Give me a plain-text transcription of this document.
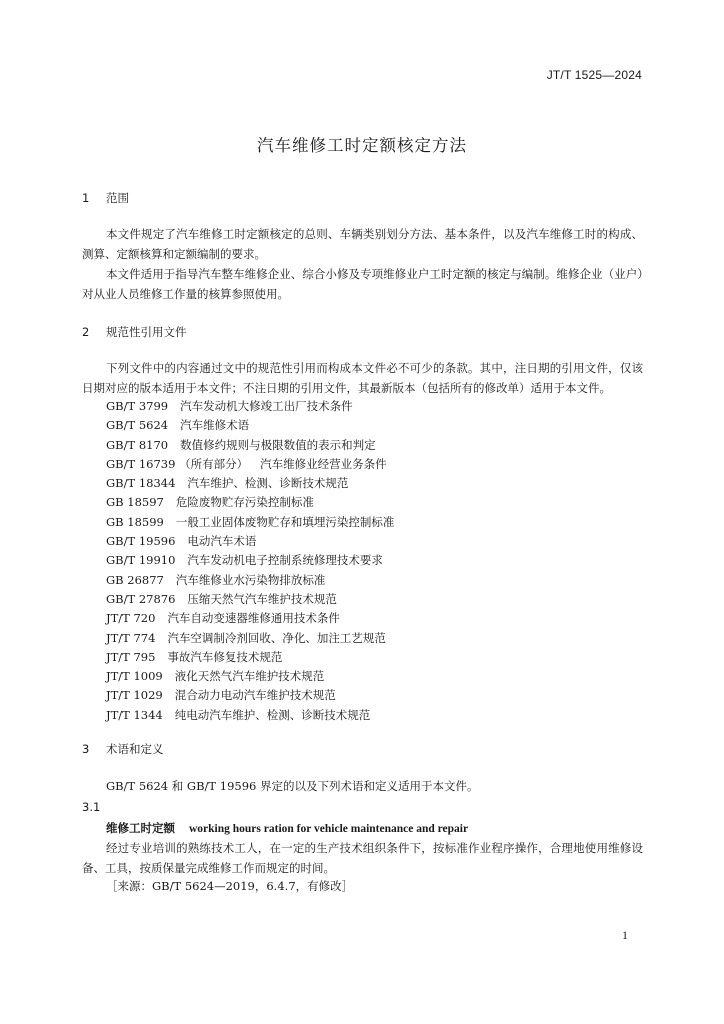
JT/T 1525—2024
汽车维修工时定额核定方法
1 范围

本文件规定了汽车维修工时定额核定的总则、车辆类别划分方法、基本条件，以及汽车维修工时的构成、测算、定额核算和定额编制的要求。

本文件适用于指导汽车整车维修企业、综合小修及专项维修业户工时定额的核定与编制。维修企业（业户）对从业人员维修工作量的核算参照使用。

2 规范性引用文件

下列文件中的内容通过文中的规范性引用而构成本文件必不可少的条款。其中，注日期的引用文件，仅该日期对应的版本适用于本文件；不注日期的引用文件，其最新版本（包括所有的修改单）适用于本文件。

GB/T 3799 汽车发动机大修竣工出厂技术条件
GB/T 5624 汽车维修术语
GB/T 8170 数值修约规则与极限数值的表示和判定
GB/T 16739 （所有部分） 汽车维修业经营业务条件
GB/T 18344 汽车维护、检测、诊断技术规范
GB 18597 危险废物贮存污染控制标准
GB 18599 一般工业固体废物贮存和填埋污染控制标准
GB/T 19596 电动汽车术语
GB/T 19910 汽车发动机电子控制系统修理技术要求
GB 26877 汽车维修业水污染物排放标准
GB/T 27876 压缩天然气汽车维护技术规范
JT/T 720 汽车自动变速器维修通用技术条件
JT/T 774 汽车空调制冷剂回收、净化、加注工艺规范
JT/T 795 事故汽车修复技术规范
JT/T 1009 液化天然气汽车维护技术规范
JT/T 1029 混合动力电动汽车维护技术规范
JT/T 1344 纯电动汽车维护、检测、诊断技术规范
3 术语和定义

GB/T 5624 和 GB/T 19596 界定的以及下列术语和定义适用于本文件。

3.1
维修工时定额 working hours ration for vehicle maintenance and repair

经过专业培训的熟练技术工人，在一定的生产技术组织条件下，按标准作业程序操作，合理地使用维修设备、工具，按质保量完成维修工作而规定的时间。

［来源：GB/T 5624—2019，6.4.7，有修改］
1
